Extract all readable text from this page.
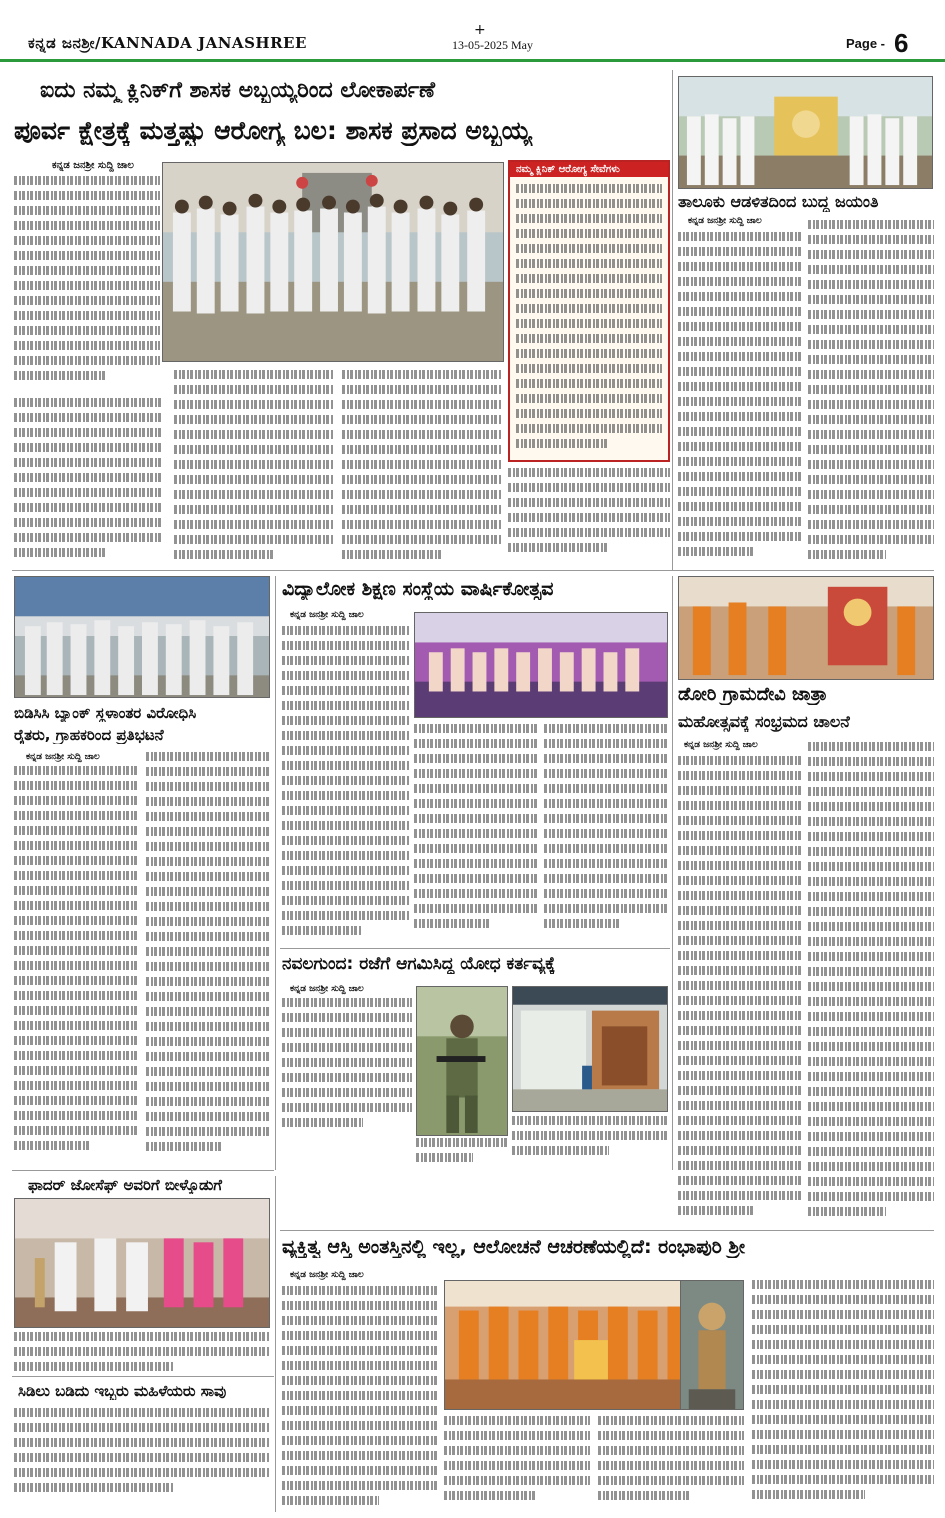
ಕನ್ನಡ ಜನಶ್ರೀ/KANNADA JANASHREE
+
13-05-2025 May	Page - 6
ಐದು ನಮ್ಮ ಕ್ಲಿನಿಕ್‌ಗೆ ಶಾಸಕ ಅಬ್ಬಯ್ಯರಿಂದ ಲೋಕಾರ್ಪಣೆ
ಪೂರ್ವ ಕ್ಷೇತ್ರಕ್ಕೆ ಮತ್ತಷ್ಟು ಆರೋಗ್ಯ ಬಲ: ಶಾಸಕ ಪ್ರಸಾದ ಅಬ್ಬಯ್ಯ
ಕನ್ನಡ ಜನಶ್ರೀ ಸುದ್ದಿ ಜಾಲ	ನಮ್ಮ ಕ್ಲಿನಿಕ್ ಆರೋಗ್ಯ ಸೇವೆಗಳು
ತಾಲೂಕು ಆಡಳಿತದಿಂದ ಬುದ್ಧ ಜಯಂತಿ
ಕನ್ನಡ ಜನಶ್ರೀ ಸುದ್ದಿ ಜಾಲ
ಬಿಡಿಸಿಸಿ ಬ್ಯಾಂಕ್ ಸ್ಥಳಾಂತರ ವಿರೋಧಿಸಿ
ರೈತರು, ಗ್ರಾಹಕರಿಂದ ಪ್ರತಿಭಟನೆ
ಕನ್ನಡ ಜನಶ್ರೀ ಸುದ್ದಿ ಜಾಲ
ವಿದ್ಯಾಲೋಕ ಶಿಕ್ಷಣ ಸಂಸ್ಥೆಯ ವಾರ್ಷಿಕೋತ್ಸವ
ಕನ್ನಡ ಜನಶ್ರೀ ಸುದ್ದಿ ಜಾಲ
ನವಲಗುಂದ: ರಜೆಗೆ ಆಗಮಿಸಿದ್ದ ಯೋಧ ಕರ್ತವ್ಯಕ್ಕೆ
ಕನ್ನಡ ಜನಶ್ರೀ ಸುದ್ದಿ ಜಾಲ
ಡೋರಿ ಗ್ರಾಮದೇವಿ ಜಾತ್ರಾ
ಮಹೋತ್ಸವಕ್ಕೆ ಸಂಭ್ರಮದ ಚಾಲನೆ
ಕನ್ನಡ ಜನಶ್ರೀ ಸುದ್ದಿ ಜಾಲ
ಫಾದರ್ ಜೋಸೆಫ್ ಅವರಿಗೆ ಬೀಳ್ಕೊಡುಗೆ
ಸಿಡಿಲು ಬಡಿದು ಇಬ್ಬರು ಮಹಿಳೆಯರು ಸಾವು
ವ್ಯಕ್ತಿತ್ವ ಆಸ್ತಿ ಅಂತಸ್ತಿನಲ್ಲಿ ಇಲ್ಲ, ಆಲೋಚನೆ ಆಚರಣೆಯಲ್ಲಿದೆ: ರಂಭಾಪುರಿ ಶ್ರೀ
ಕನ್ನಡ ಜನಶ್ರೀ ಸುದ್ದಿ ಜಾಲ
